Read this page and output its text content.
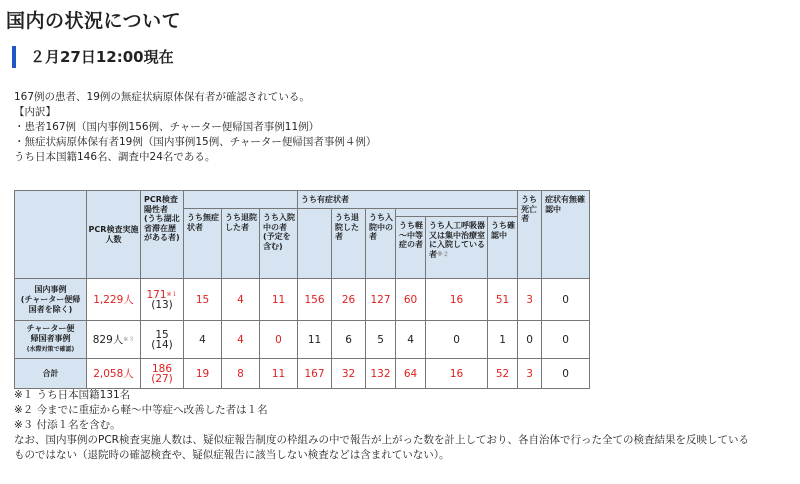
国内の状況について
２月27日12:00現在
167例の患者、19例の無症状病原体保有者が確認されている。
【内訳】
・患者167例（国内事例156例、チャーター便帰国者事例11例）
・無症状病原体保有者19例（国内事例15例、チャーター便帰国者事例４例）
うち日本国籍146名、調査中24名である。
	PCR検査実施人数	PCR検査
陽性者
(うち湖北
省滞在歴
がある者)				うち有症状者						うち死亡者	症状有無確認中	
			うち無症状者	うち退院した者	うち入院中の者(予定を含む)		うち退院した者	うち入院中の者						
									うち軽～中等症の者	うち人工呼吸器又は集中治療室に入院している者$^{※2}$	うち確認中			
国内事例
(チャーター便帰
国者を除く)	1,229人	171$^{※1}$
(13)	15	4	11	156	26	127	60	16	51	3	0	
チャーター便
帰国者事例
(水際対策で確認)	829人$^{※3}$	15
(14)	4	4	0	11	6	5	4	0	1	0	0	
合計	2,058人	186
(27)	19	8	11	167	32	132	64	16	52	3	0	
※１ うち日本国籍131名
※２ 今までに重症から軽～中等症へ改善した者は１名
※３ 付添１名を含む。
なお、国内事例のPCR検査実施人数は、疑似症報告制度の枠組みの中で報告が上がった数を計上しており、各自治体で行った全ての検査結果を反映している
ものではない（退院時の確認検査や、疑似症報告に該当しない検査などは含まれていない）。
